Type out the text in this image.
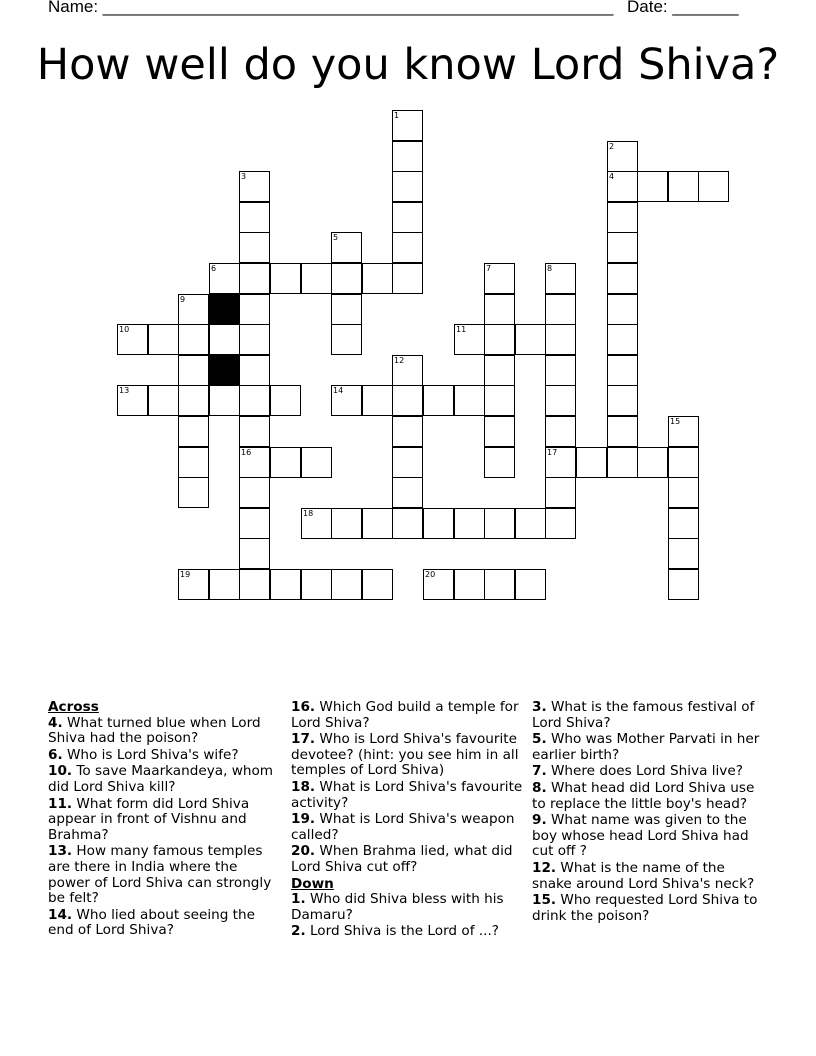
Name: ______________________________________________________ Date: _______
How well do you know Lord Shiva?
4
6
10	11
13	14
16	17
18
19	20
1
2
3
5
7	8
9
12
15
Across
4. What turned blue when Lord Shiva had the poison?
6. Who is Lord Shiva's wife?
10. To save Maarkandeya, whom did Lord Shiva kill?
11. What form did Lord Shiva appear in front of Vishnu and Brahma?
13. How many famous temples are there in India where the power of Lord Shiva can strongly be felt?
14. Who lied about seeing the end of Lord Shiva?
16. Which God build a temple for Lord Shiva?
17. Who is Lord Shiva's favourite devotee? (hint: you see him in all temples of Lord Shiva)
18. What is Lord Shiva's favourite activity?
19. What is Lord Shiva's weapon called?
20. When Brahma lied, what did Lord Shiva cut off?
Down
1. Who did Shiva bless with his Damaru?
2. Lord Shiva is the Lord of ...?
3. What is the famous festival of Lord Shiva?
5. Who was Mother Parvati in her earlier birth?
7. Where does Lord Shiva live?
8. What head did Lord Shiva use to replace the little boy's head?
9. What name was given to the boy whose head Lord Shiva had cut off ?
12. What is the name of the snake around Lord Shiva's neck?
15. Who requested Lord Shiva to drink the poison?
